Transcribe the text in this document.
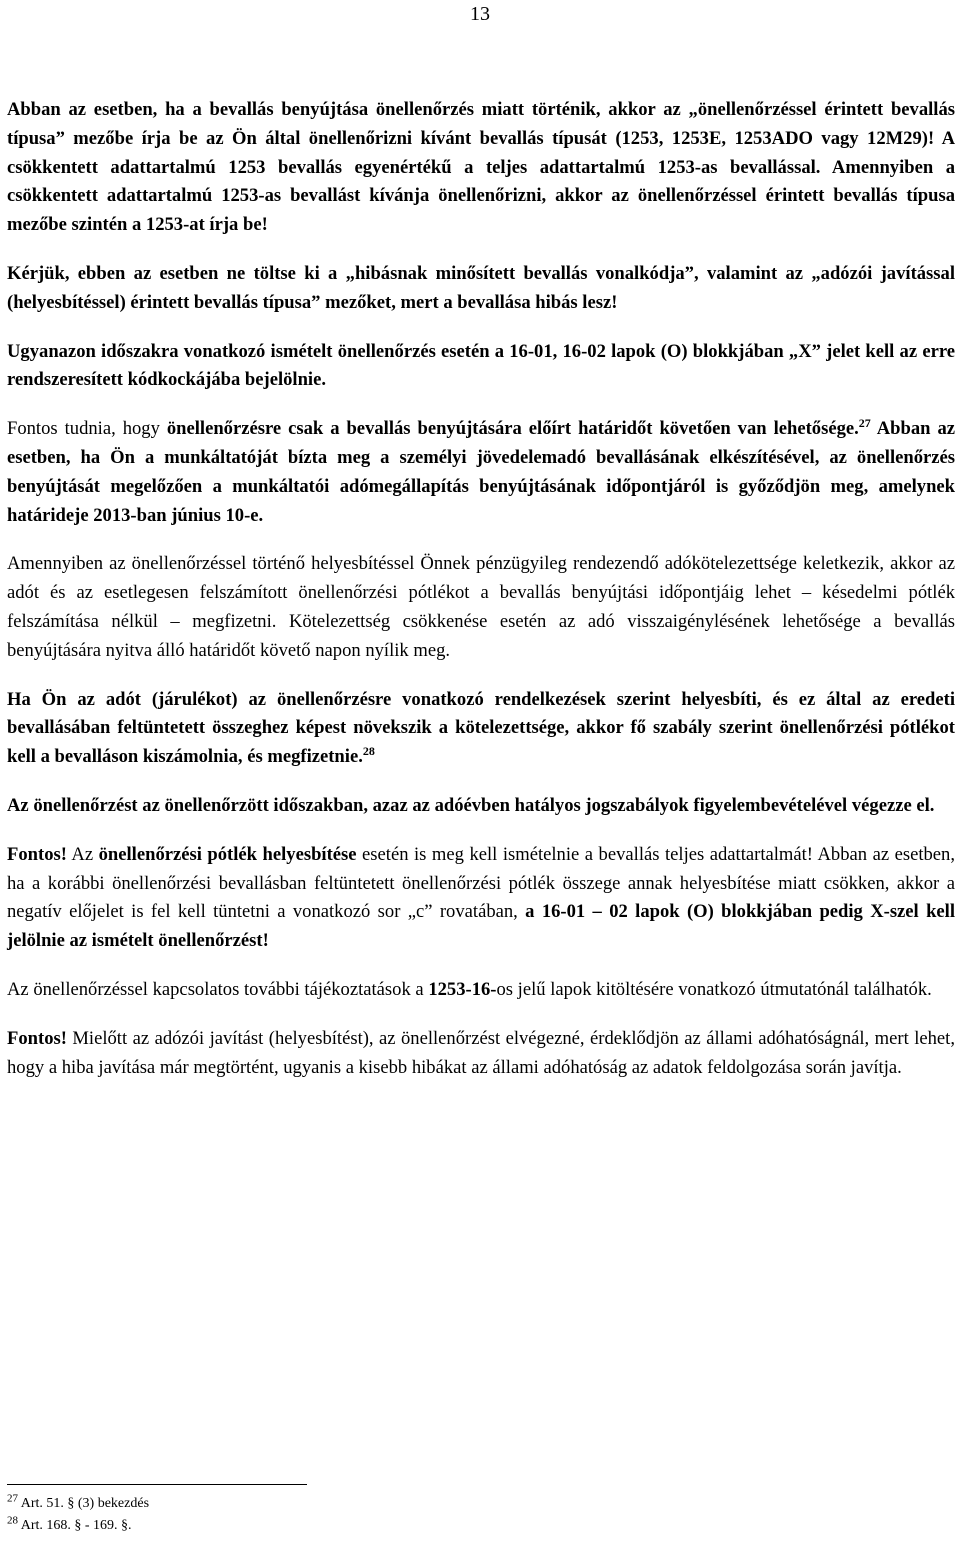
13

Abban az esetben, ha a bevallás benyújtása önellenőrzés miatt történik, akkor az „önellenőrzéssel érintett bevallás típusa” mezőbe írja be az Ön által önellenőrizni kívánt bevallás típusát (1253, 1253E, 1253ADO vagy 12M29)! A csökkentett adattartalmú 1253 bevallás egyenértékű a teljes adattartalmú 1253-as bevallással. Amennyiben a csökkentett adattartalmú 1253-as bevallást kívánja önellenőrizni, akkor az önellenőrzéssel érintett bevallás típusa mezőbe szintén a 1253-at írja be!

Kérjük, ebben az esetben ne töltse ki a „hibásnak minősített bevallás vonalkódja”, valamint az „adózói javítással (helyesbítéssel) érintett bevallás típusa” mezőket, mert a bevallása hibás lesz!

Ugyanazon időszakra vonatkozó ismételt önellenőrzés esetén a 16-01, 16-02 lapok (O) blokkjában „X” jelet kell az erre rendszeresített kódkockájába bejelölnie.

Fontos tudnia, hogy önellenőrzésre csak a bevallás benyújtására előírt határidőt követően van lehetősége.$^{27}$ Abban az esetben, ha Ön a munkáltatóját bízta meg a személyi jövedelemadó bevallásának elkészítésével, az önellenőrzés benyújtását megelőzően a munkáltatói adómegállapítás benyújtásának időpontjáról is győződjön meg, amelynek határideje 2013-ban június 10-e.

Amennyiben az önellenőrzéssel történő helyesbítéssel Önnek pénzügyileg rendezendő adókötelezettsége keletkezik, akkor az adót és az esetlegesen felszámított önellenőrzési pótlékot a bevallás benyújtási időpontjáig lehet – késedelmi pótlék felszámítása nélkül – megfizetni. Kötelezettség csökkenése esetén az adó visszaigénylésének lehetősége a bevallás benyújtására nyitva álló határidőt követő napon nyílik meg.

Ha Ön az adót (járulékot) az önellenőrzésre vonatkozó rendelkezések szerint helyesbíti, és ez által az eredeti bevallásában feltüntetett összeghez képest növekszik a kötelezettsége, akkor fő szabály szerint önellenőrzési pótlékot kell a bevalláson kiszámolnia, és megfizetnie.$^{28}$

Az önellenőrzést az önellenőrzött időszakban, azaz az adóévben hatályos jogszabályok figyelembevételével végezze el.

Fontos! Az önellenőrzési pótlék helyesbítése esetén is meg kell ismételnie a bevallás teljes adattartalmát! Abban az esetben, ha a korábbi önellenőrzési bevallásban feltüntetett önellenőrzési pótlék összege annak helyesbítése miatt csökken, akkor a negatív előjelet is fel kell tüntetni a vonatkozó sor „c” rovatában, a 16-01 – 02 lapok (O) blokkjában pedig X-szel kell jelölnie az ismételt önellenőrzést!

Az önellenőrzéssel kapcsolatos további tájékoztatások a 1253-16-os jelű lapok kitöltésére vonatkozó útmutatónál találhatók.

Fontos! Mielőtt az adózói javítást (helyesbítést), az önellenőrzést elvégezné, érdeklődjön az állami adóhatóságnál, mert lehet, hogy a hiba javítása már megtörtént, ugyanis a kisebb hibákat az állami adóhatóság az adatok feldolgozása során javítja.

$^{27}$ Art. 51. § (3) bekezdés

$^{28}$ Art. 168. § - 169. §.
